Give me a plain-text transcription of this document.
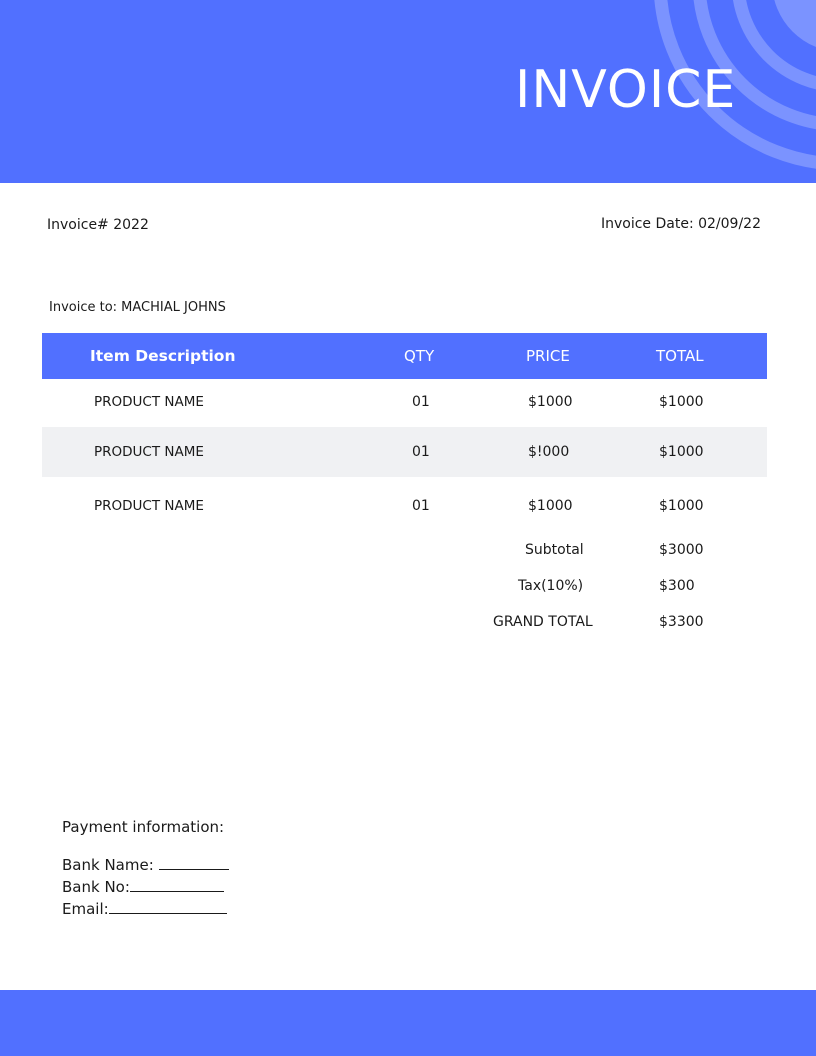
INVOICE
Invoice# 2022	Invoice Date: 02/09/22
Invoice to: MACHIAL JOHNS
Item Description	QTY	PRICE	TOTAL
PRODUCT NAME	01	$1000	$1000
PRODUCT NAME	01	$!000	$1000
PRODUCT NAME	01	$1000	$1000
Subtotal	$3000
Tax(10%)	$300
GRAND TOTAL	$3300
Payment information:
Bank Name:
Bank No:
Email:
